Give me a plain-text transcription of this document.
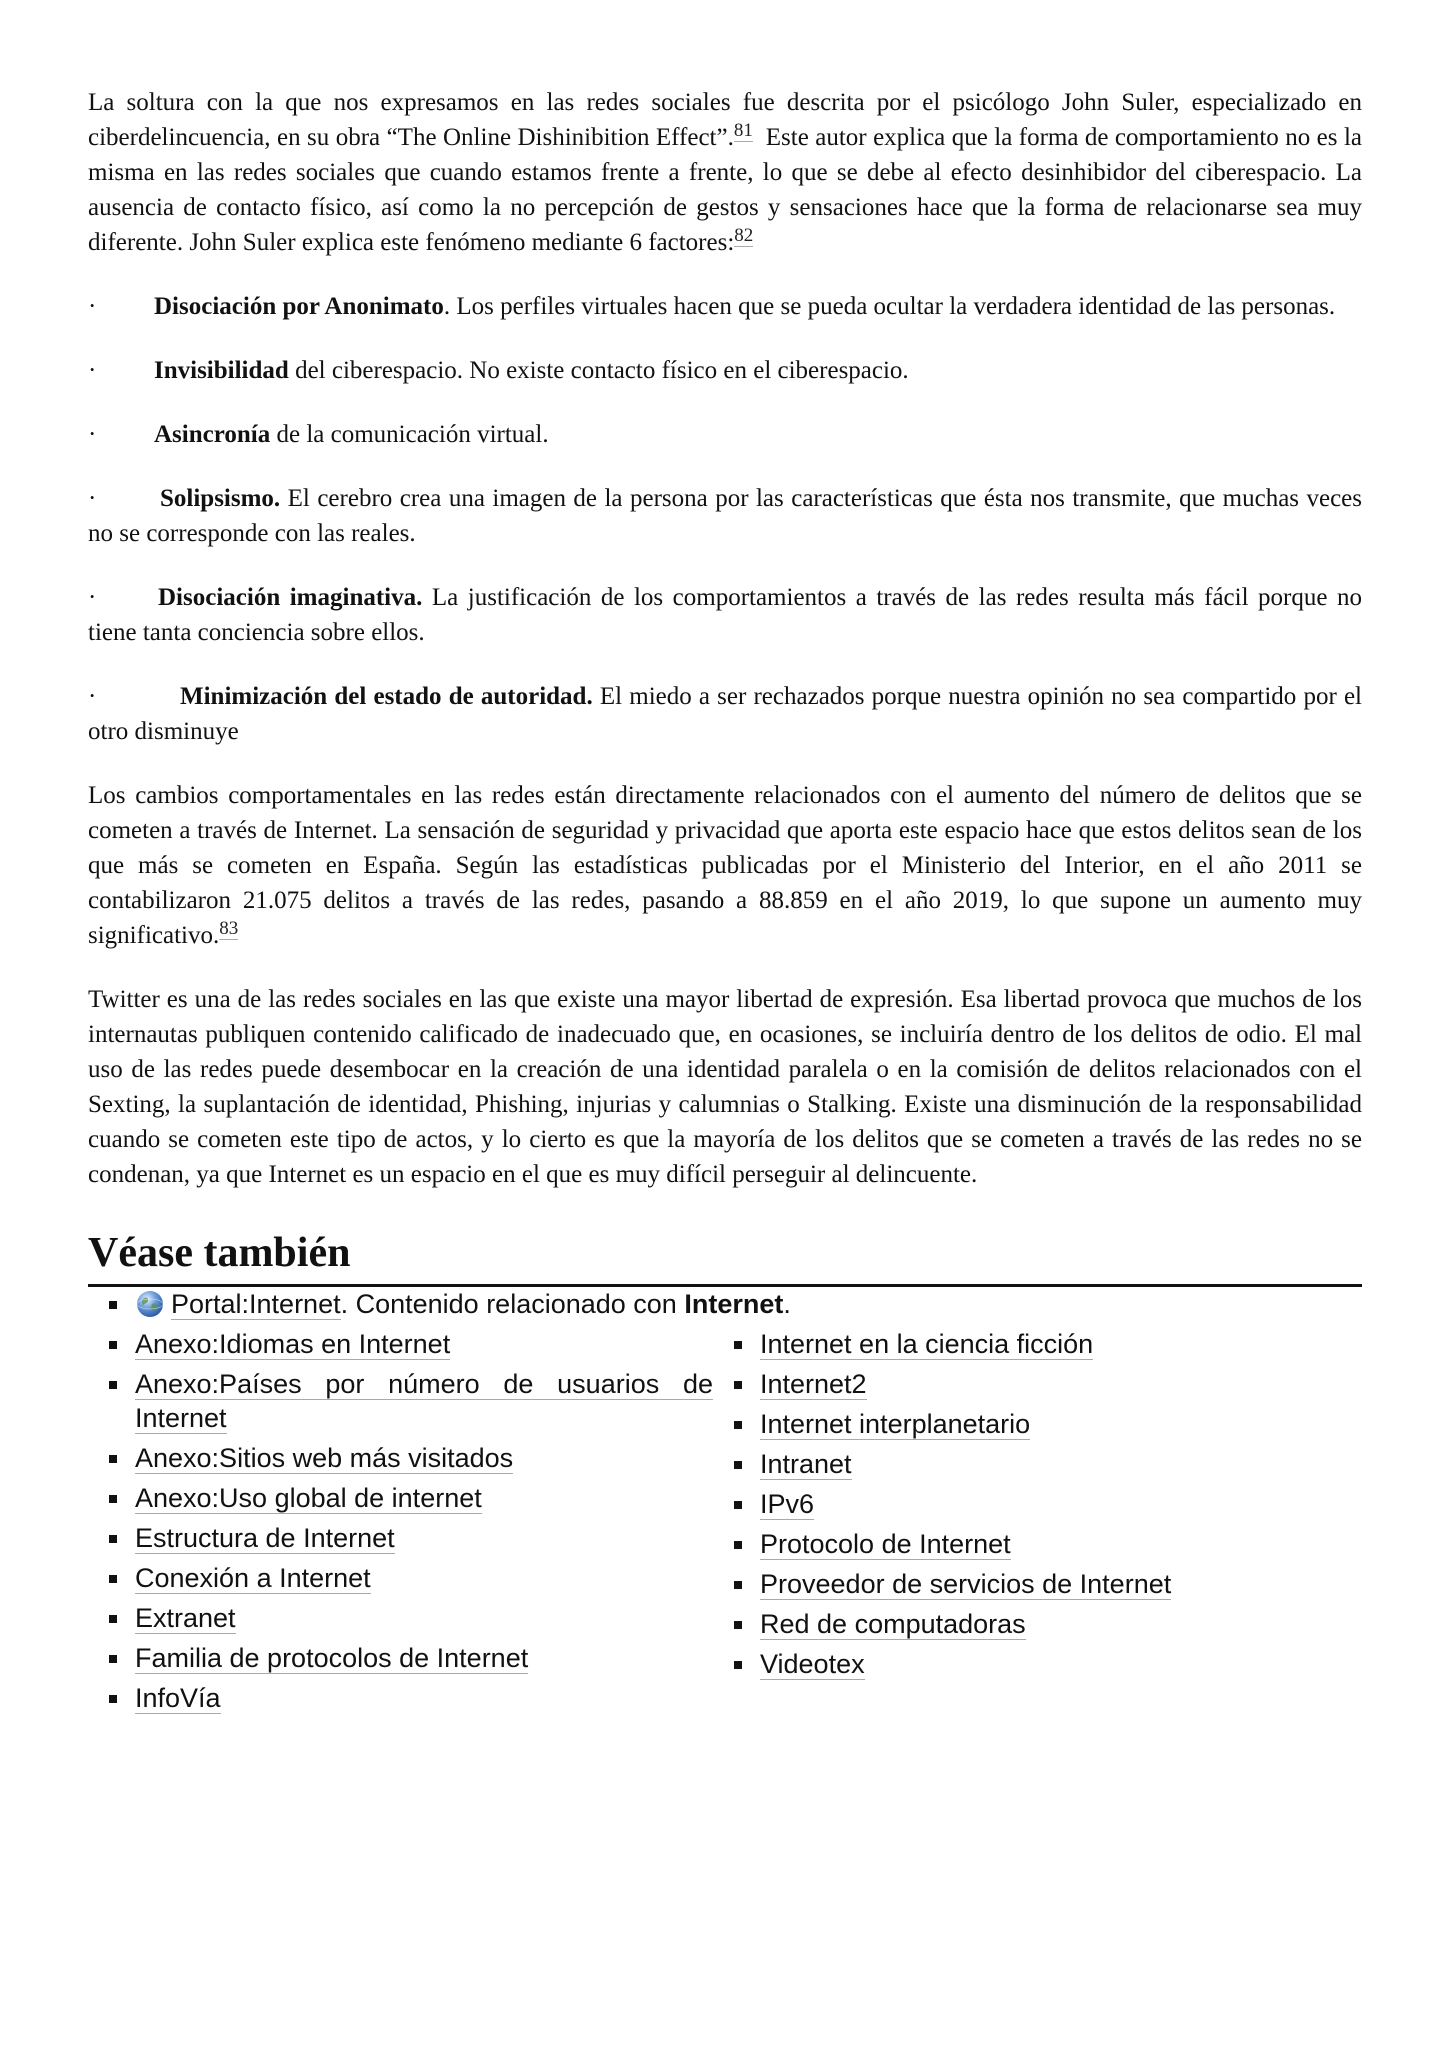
La soltura con la que nos expresamos en las redes sociales fue descrita por el psicólogo John Suler, especializado en ciberdelincuencia, en su obra “The Online Dishinibition Effect”.$^{81}$ Este autor explica que la forma de comportamiento no es la misma en las redes sociales que cuando estamos frente a frente, lo que se debe al efecto desinhibidor del ciberespacio. La ausencia de contacto físico, así como la no percepción de gestos y sensaciones hace que la forma de relacionarse sea muy diferente. John Suler explica este fenómeno mediante 6 factores:$^{82}$

· Disociación por Anonimato. Los perfiles virtuales hacen que se pueda ocultar la verdadera identidad de las personas.

· Invisibilidad del ciberespacio. No existe contacto físico en el ciberespacio.

· Asincronía de la comunicación virtual.

·	Solipsismo. El cerebro crea una imagen de la persona por las características que ésta nos transmite, que muchas veces no se corresponde con las reales.

· Disociación imaginativa. La justificación de los comportamientos a través de las redes resulta más fácil porque no tiene tanta conciencia sobre ellos.

·	Minimización del estado de autoridad. El miedo a ser rechazados porque nuestra opinión no sea compartido por el otro disminuye

Los cambios comportamentales en las redes están directamente relacionados con el aumento del número de delitos que se cometen a través de Internet. La sensación de seguridad y privacidad que aporta este espacio hace que estos delitos sean de los que más se cometen en España. Según las estadísticas publicadas por el Ministerio del Interior, en el año 2011 se contabilizaron 21.075 delitos a través de las redes, pasando a 88.859 en el año 2019, lo que supone un aumento muy significativo.$^{83}$

Twitter es una de las redes sociales en las que existe una mayor libertad de expresión. Esa libertad provoca que muchos de los internautas publiquen contenido calificado de inadecuado que, en ocasiones, se incluiría dentro de los delitos de odio. El mal uso de las redes puede desembocar en la creación de una identidad paralela o en la comisión de delitos relacionados con el Sexting, la suplantación de identidad, Phishing, injurias y calumnias o Stalking. Existe una disminución de la responsabilidad cuando se cometen este tipo de actos, y lo cierto es que la mayoría de los delitos que se cometen a través de las redes no se condenan, ya que Internet es un espacio en el que es muy difícil perseguir al delincuente.

Véase también
Portal:Internet. Contenido relacionado con Internet.
Anexo:Idiomas en Internet
Anexo:Países por número de usuarios de Internet
Anexo:Sitios web más visitados
Anexo:Uso global de internet
Estructura de Internet
Conexión a Internet
Extranet
Familia de protocolos de Internet
InfoVía
Internet en la ciencia ficción
Internet2
Internet interplanetario
Intranet
IPv6
Protocolo de Internet
Proveedor de servicios de Internet
Red de computadoras
Videotex
